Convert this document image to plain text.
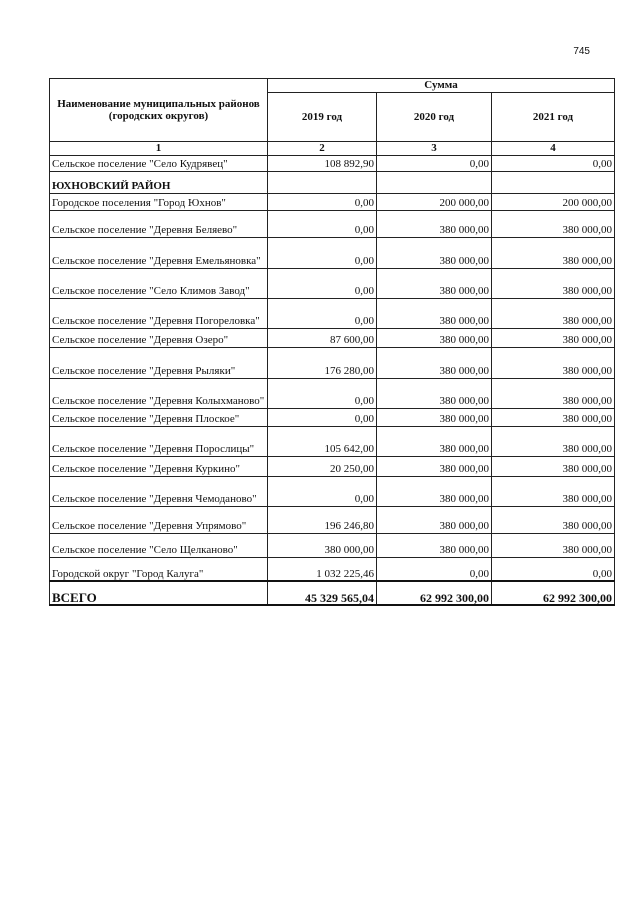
745
Наименование муниципальных районов (городских округов)	Сумма		
	2019 год	2020 год	2021 год
1	2	3	4
Сельское поселение "Село Кудрявец"	108 892,90	0,00	0,00
ЮХНОВСКИЙ РАЙОН			
Городское поселения "Город Юхнов"	0,00	200 000,00	200 000,00
Сельское поселение "Деревня Беляево"	0,00	380 000,00	380 000,00
Сельское поселение "Деревня Емельяновка"	0,00	380 000,00	380 000,00
Сельское поселение "Село Климов Завод"	0,00	380 000,00	380 000,00
Сельское поселение "Деревня Погореловка"	0,00	380 000,00	380 000,00
Сельское поселение "Деревня Озеро"	87 600,00	380 000,00	380 000,00
Сельское поселение "Деревня Рыляки"	176 280,00	380 000,00	380 000,00
Сельское поселение "Деревня Колыхманово"	0,00	380 000,00	380 000,00
Сельское поселение "Деревня Плоское"	0,00	380 000,00	380 000,00
Сельское поселение "Деревня Порослицы"	105 642,00	380 000,00	380 000,00
Сельское поселение "Деревня Куркино"	20 250,00	380 000,00	380 000,00
Сельское поселение "Деревня Чемоданово"	0,00	380 000,00	380 000,00
Сельское поселение "Деревня Упрямово"	196 246,80	380 000,00	380 000,00
Сельское поселение "Село Щелканово"	380 000,00	380 000,00	380 000,00
Городской округ "Город Калуга"	1 032 225,46	0,00	0,00
ВСЕГО	45 329 565,04	62 992 300,00	62 992 300,00
